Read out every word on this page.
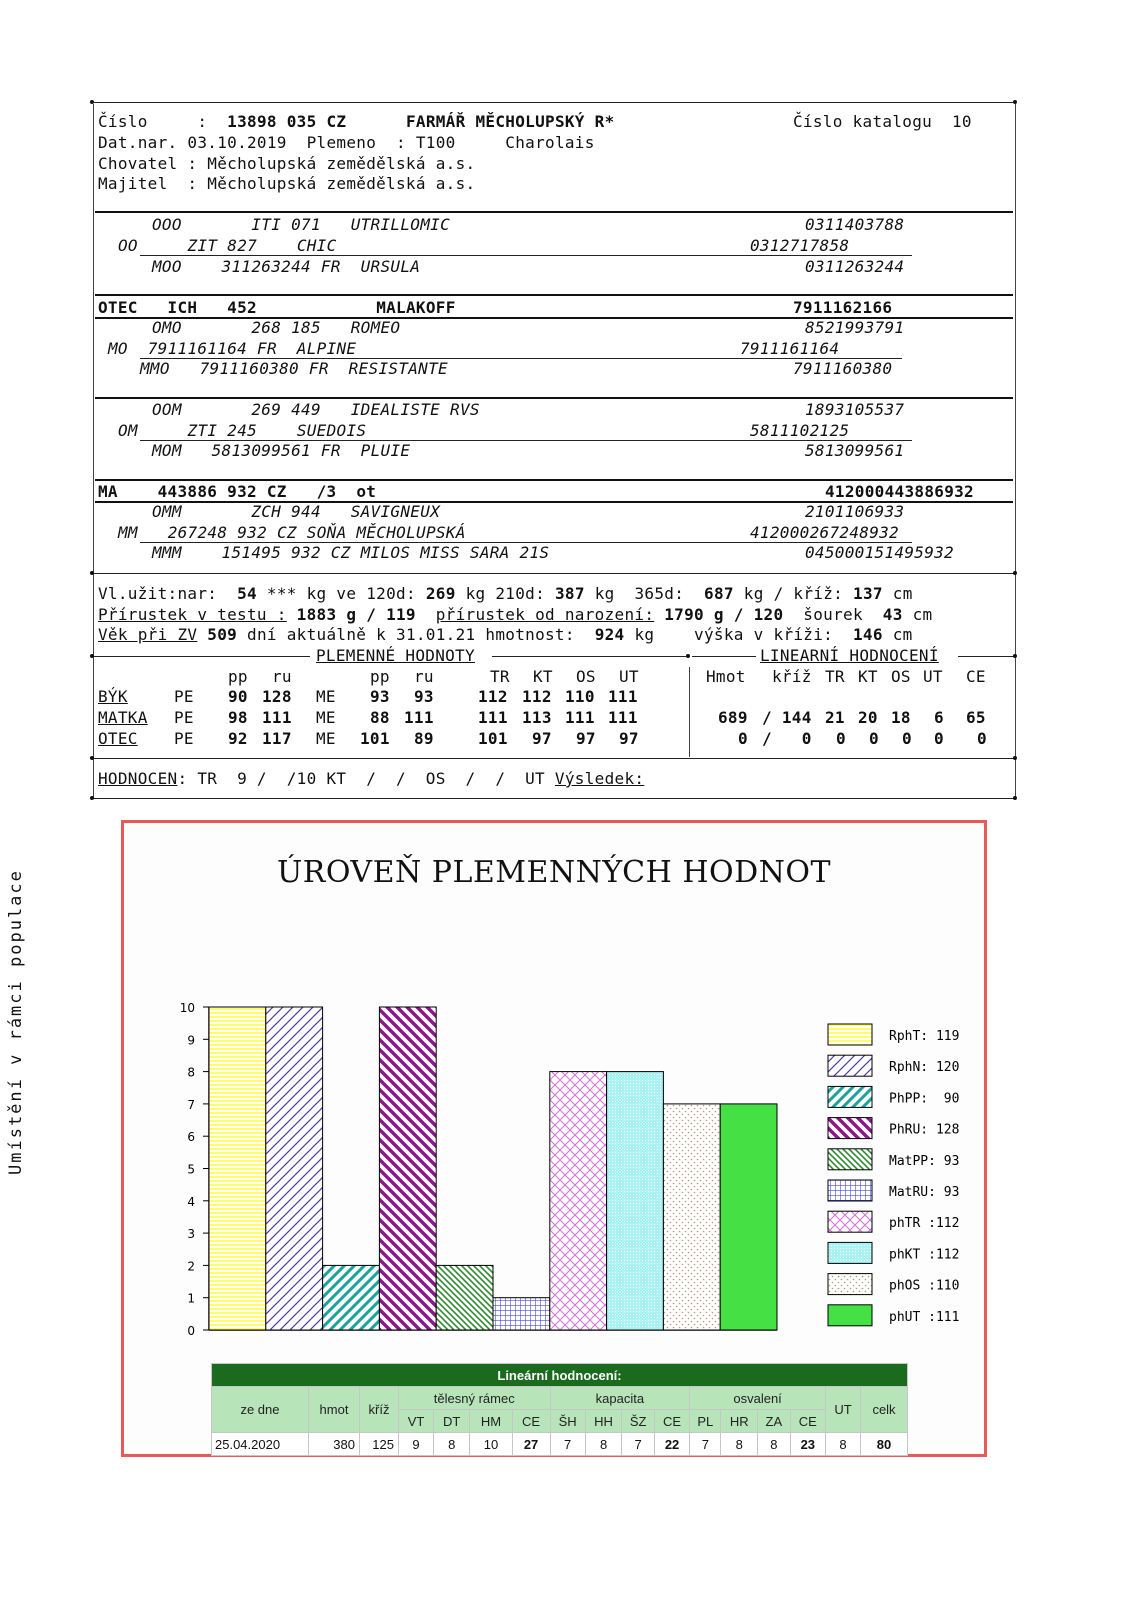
Číslo     :  13898 035 CZ	FARMÁŘ MĚCHOLUPSKÝ R*	Číslo katalogu 10
Dat.nar. 03.10.2019 Plemeno  : T100	Charolais
Chovatel : Měcholupská zemědělská a.s.
Majitel  : Měcholupská zemědělská a.s.
OOO	ITI 071 UTRILLOMIC	0311403788
OO	ZIT 827 CHIC	0312717858
MOO 311263244 FR URSULA	0311263244
OTEC ICH 452	MALAKOFF	7911162166
OMO	268 185 ROMEO	8521993791
MO 7911161164 FR ALPINE	7911161164
MMO 7911160380 FR RESISTANTE	7911160380
OOM	269 449 IDEALISTE RVS	1893105537
OM	ZTI 245 SUEDOIS	5811102125
MOM 5813099561 FR PLUIE	5813099561
MA 443886 932 CZ /3 ot	412000443886932
OMM	ZCH 944 SAVIGNEUX	2101106933
MM 267248 932 CZ SOŇA MĚCHOLUPSKÁ	412000267248932
MMM 151495 932 CZ MILOS MISS SARA 21S	045000151495932
Vl.užit:nar: 54 *** kg ve 120d: 269 kg 210d: 387 kg  365d: 687 kg / kříž: 137 cm
Přírustek v testu : 1883 g / 119 přírustek od narození: 1790 g / 120 šourek 43 cm
Věk při ZV 509 dní aktuálně k 31.01.21 hmotnost: 924 kg výška v kříži: 146 cm
PLEMENNÉ HODNOTY	LINEARNÍ HODNOCENÍ
pp ru	pp ru	TR KT OS UT	Hmot kříž TR KT OS UT CE
BÝK	PE 90 128 ME 93 93	112 112 110 111
MATKA PE 98 111 ME 88 111	111 113 111 111	689 / 144 21 20 18 6 65
OTEC PE 92 117 ME 101 89	101 97 97 97	0 /   0 0 0 0 0 0
HODNOCEN: TR  9 /  /10 KT  /  /  OS  /  /  UT Výsledek:
ÚROVEŇ PLEMENNÝCH HODNOT
Umístění v rámci populace
0
1
2
3
4
5
6
7
8
9
10
RphT: 119
RphN: 120
PhPP:  90
PhRU: 128
MatPP: 93
MatRU: 93
phTR :112
phKT :112
phOS :110
phUT :111
Lineární hodnocení:																
ze dne	hmot	kříž	tělesný rámec				kapacita				osvalení				UT	celk
			VT	DT	HM	CE	ŠH	HH	ŠZ	CE	PL	HR	ZA	CE		
25.04.2020	380	125	9	8	10	27	7	8	7	22	7	8	8	23	8	80
